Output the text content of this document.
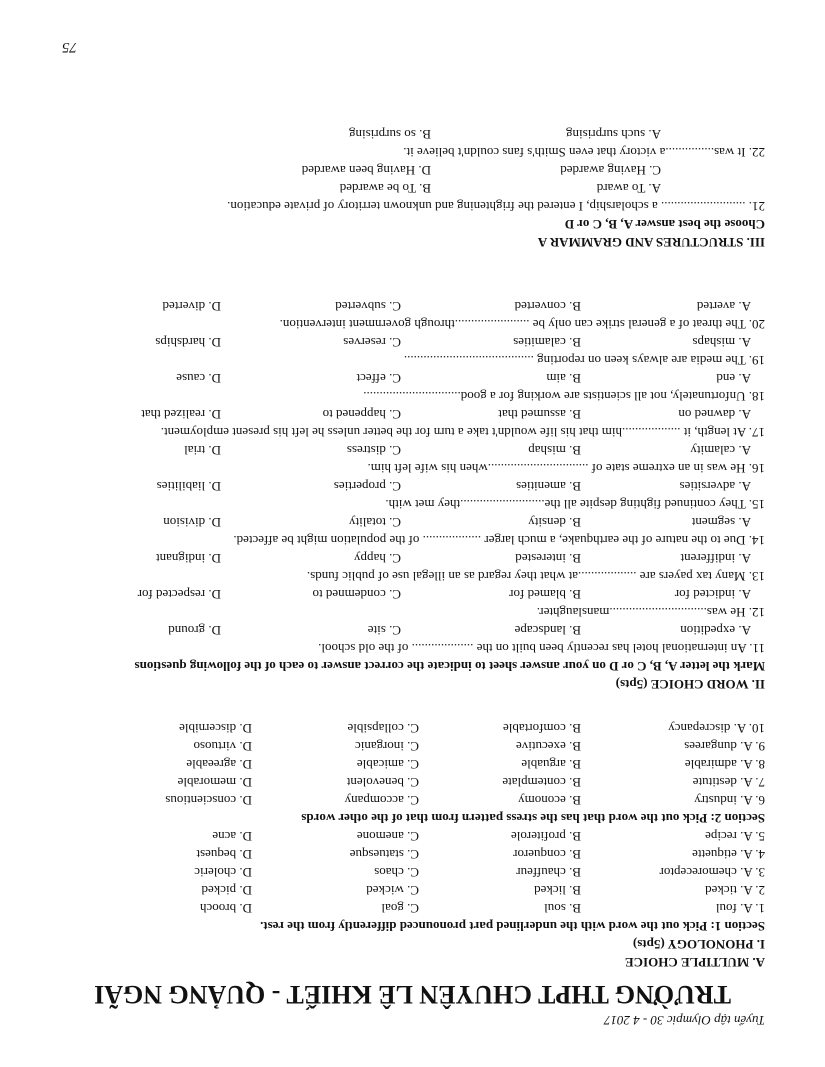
Tuyển tập Olympic 30 - 4 2017
TRƯỜNG THPT CHUYÊN LÊ KHIẾT - QUẢNG NGÃI
A. MULTIPLE CHOICE
I. PHONOLOGY (5pts)
Section 1: Pick out the word with the underlined part pronounced differently from the rest.
1. A. foul
B. soul
C. goal
D. brooch
2. A. ticked
B. licked
C. wicked
D. picked
3. A. chemoreceptor
B. chauffeur
C. chaos
D. choleric
4. A. etiquette
B. conqueror
C. statuesque
D. bequest
5. A. recipe
B. profiterole
C. anemone
D. acne
Section 2: Pick out the word that has the stress pattern from that of the other words
6. A. industry
B. economy
C. accompany
D. conscientious
7. A. destitute
B. contemplate
C. benevolent
D. memorable
8. A. admirable
B. arguable
C. amicable
D. agreeable
9. A. dungarees
B. executive
C. inorganic
D. virtuoso
10. A. discrepancy
B. comfortable
C. collapsible
D. discernible
II. WORD CHOICE (5pts)
Mark the letter A, B, C or D on your answer sheet to indicate the correct answer to each of the following questions
11. An international hotel has recently been built on the ................... of the old school.
A. expedition
B. landscape
C. site
D. ground
12. He was..............................manslaughter.
A. indicted for
B. blamed for
C. condemned to
D. respected for
13. Many tax payers are ..................at what they regard as an illegal use of public funds.
A. indifferent
B. interested
C. happy
D. indignant
14. Due to the nature of the earthquake, a much larger .................. of the population might be affected.
A. segment
B. density
C. totality
D. division
15. They continued fighting despite all the..........................they met with.
A. adversities
B. amenities
C. properties
D. liabilities
16. He was in an extreme state of ...............................when his wife left him.
A. calamity
B. mishap
C. distress
D. trial
17. At length, it ..................him that his life wouldn't take a turn for the better unless he left his present employment.
A. dawned on
B. assumed that
C. happened to
D. realized that
18. Unfortunately, not all scientists are working for a good..............................
A. end
B. aim
C. effect
D. cause
19. The media are always keen on reporting ........................................
A. mishaps
B. calamities
C. reserves
D. hardships
20. The threat of a general strike can only be .......................through government intervention.
A. averted
B. converted
C. subverted
D. diverted
III. STRUCTURES AND GRAMMAR A
Choose the best answer A, B, C or D
21. .......................... a scholarship, I entered the frightening and unknown territory of private education.
A. To award
B. To be awarded
C. Having awarded
D. Having been awarded
22. It was...............a victory that even Smith's fans couldn't believe it.
A. such surprising
B. so surprising
75
